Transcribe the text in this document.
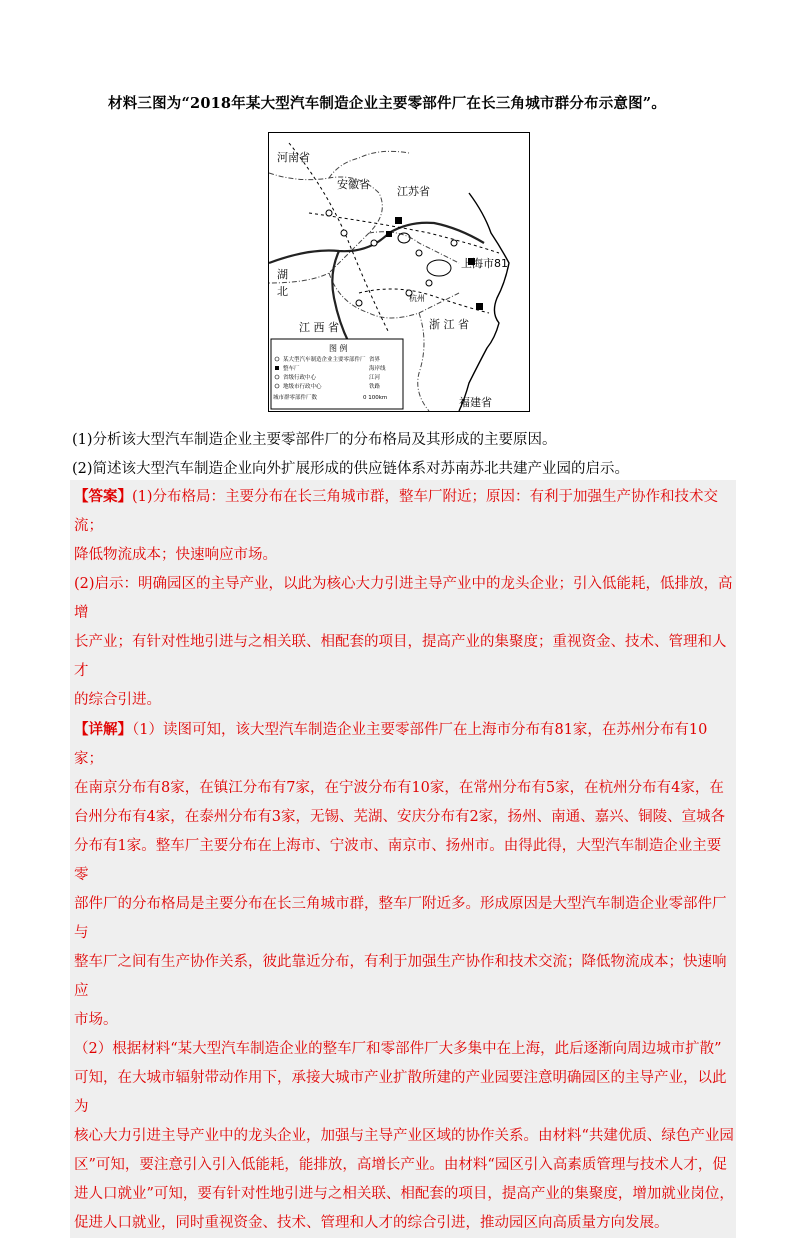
材料三图为“2018年某大型汽车制造企业主要零部件厂在长三角城市群分布示意图”。
河南省
安徽省
江苏省
上海市81
湖
北
江 西 省	浙 江 省
福建省
杭州
图 例
某大型汽车制造企业主要零部件厂
整车厂
省级行政中心
地级市行政中心
城市群零部件厂数
省界
海岸线
江河
铁路
0 100km
(1)分析该大型汽车制造企业主要零部件厂的分布格局及其形成的主要原因。
(2)简述该大型汽车制造企业向外扩展形成的供应链体系对苏南苏北共建产业园的启示。

【答案】(1)分布格局：主要分布在长三角城市群，整车厂附近；原因：有利于加强生产协作和技术交流；

降低物流成本；快速响应市场。

(2)启示：明确园区的主导产业，以此为核心大力引进主导产业中的龙头企业；引入低能耗，低排放，高增

长产业；有针对性地引进与之相关联、相配套的项目，提高产业的集聚度；重视资金、技术、管理和人才

的综合引进。

【详解】（1）读图可知，该大型汽车制造企业主要零部件厂在上海市分布有81家，在苏州分布有10家；

在南京分布有8家，在镇江分布有7家，在宁波分布有10家，在常州分布有5家，在杭州分布有4家，在

台州分布有4家，在泰州分布有3家，无锡、芜湖、安庆分布有2家，扬州、南通、嘉兴、铜陵、宣城各

分布有1家。整车厂主要分布在上海市、宁波市、南京市、扬州市。由得此得，大型汽车制造企业主要零

部件厂的分布格局是主要分布在长三角城市群，整车厂附近多。形成原因是大型汽车制造企业零部件厂与

整车厂之间有生产协作关系，彼此靠近分布，有利于加强生产协作和技术交流；降低物流成本；快速响应

市场。

（2）根据材料“某大型汽车制造企业的整车厂和零部件厂大多集中在上海，此后逐渐向周边城市扩散”

可知，在大城市辐射带动作用下，承接大城市产业扩散所建的产业园要注意明确园区的主导产业，以此为

核心大力引进主导产业中的龙头企业，加强与主导产业区域的协作关系。由材料“共建优质、绿色产业园

区”可知，要注意引入引入低能耗，能排放，高增长产业。由材料“园区引入高素质管理与技术人才，促

进人口就业”可知，要有针对性地引进与之相关联、相配套的项目，提高产业的集聚度，增加就业岗位，

促进人口就业，同时重视资金、技术、管理和人才的综合引进，推动园区向高质量方向发展。
